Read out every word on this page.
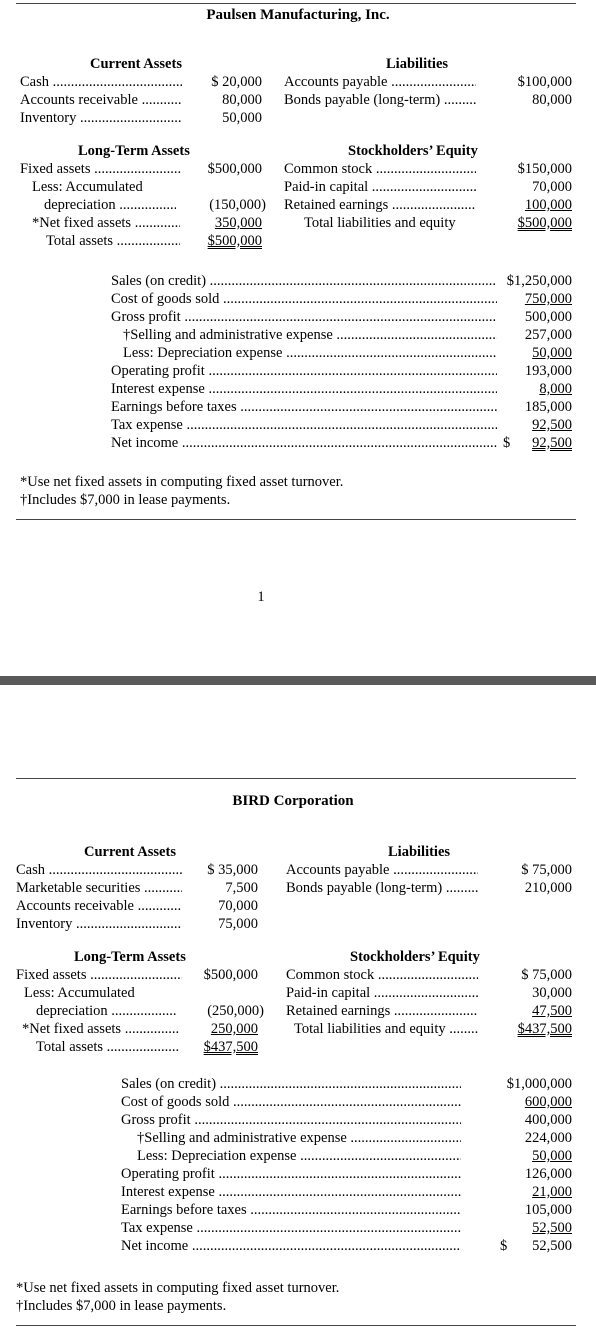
Paulsen Manufacturing, Inc.
Current Assets
Cash .....	$ 20,000
Accounts receivable .....	80,000
Inventory .....	50,000
Liabilities
Accounts payable .....	$100,000
Bonds payable (long-term) .....	80,000
Long-Term Assets
Fixed assets .....	$500,000
Less: Accumulated
depreciation .....	(150,000)
*Net fixed assets .....	350,000
Total assets .....	$500,000
Stockholders’ Equity
Common stock .....	$150,000
Paid-in capital .....	70,000
Retained earnings .....	100,000
Total liabilities and equity	$500,000
Sales (on credit) .....	$1,250,000
Cost of goods sold .....	750,000
Gross profit .....	500,000
†Selling and administrative expense .....	257,000
Less: Depreciation expense .....	50,000
Operating profit .....	193,000
Interest expense .....	8,000
Earnings before taxes .....	185,000
Tax expense .....	92,500
Net income .....	$	92,500
*Use net fixed assets in computing fixed asset turnover.
†Includes $7,000 in lease payments.
1
BIRD Corporation
Current Assets
Cash .....	$ 35,000
Marketable securities .....	7,500
Accounts receivable .....	70,000
Inventory .....	75,000
Liabilities
Accounts payable .....	$ 75,000
Bonds payable (long-term) .....	210,000
Long-Term Assets
Fixed assets .....	$500,000
Less: Accumulated
depreciation .....	(250,000)
*Net fixed assets .....	250,000
Total assets .....	$437,500
Stockholders’ Equity
Common stock .....	$ 75,000
Paid-in capital .....	30,000
Retained earnings .....	47,500
Total liabilities and equity .....	$437,500
Sales (on credit) .....	$1,000,000
Cost of goods sold .....	600,000
Gross profit .....	400,000
†Selling and administrative expense .....	224,000
Less: Depreciation expense .....	50,000
Operating profit .....	126,000
Interest expense .....	21,000
Earnings before taxes .....	105,000
Tax expense .....	52,500
Net income .....	$	52,500
*Use net fixed assets in computing fixed asset turnover.
†Includes $7,000 in lease payments.
